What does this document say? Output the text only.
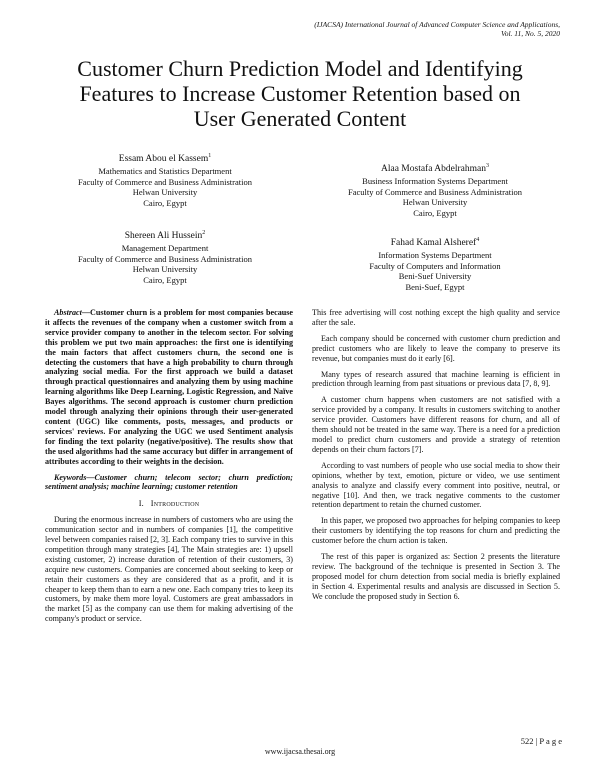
(IJACSA) International Journal of Advanced Computer Science and Applications,
Vol. 11, No. 5, 2020
Customer Churn Prediction Model and Identifying
Features to Increase Customer Retention based on
User Generated Content
Essam Abou el Kassem$^1$
Mathematics and Statistics Department
Faculty of Commerce and Business Administration
Helwan University
Cairo, Egypt
Shereen Ali Hussein$^2$
Management Department
Faculty of Commerce and Business Administration
Helwan University
Cairo, Egypt
Alaa Mostafa Abdelrahman$^3$
Business Information Systems Department
Faculty of Commerce and Business Administration
Helwan University
Cairo, Egypt
Fahad Kamal Alsheref$^4$
Information Systems Department
Faculty of Computers and Information
Beni-Suef University
Beni-Suef, Egypt

Abstract—Customer churn is a problem for most companies because it affects the revenues of the company when a customer switch from a service provider company to another in the telecom sector. For solving this problem we put two main approaches: the first one is identifying the main factors that affect customers churn, the second one is detecting the customers that have a high probability to churn through analyzing social media. For the first approach we build a dataset through practical questionnaires and analyzing them by using machine learning algorithms like Deep Learning, Logistic Regression, and Naïve Bayes algorithms. The second approach is customer churn prediction model through analyzing their opinions through their user-generated content (UGC) like comments, posts, messages, and products or services' reviews. For analyzing the UGC we used Sentiment analysis for finding the text polarity (negative/positive). The results show that the used algorithms had the same accuracy but differ in arrangement of attributes according to their weights in the decision.

Keywords—Customer churn; telecom sector; churn prediction; sentiment analysis; machine learning; customer retention

I. Introduction

During the enormous increase in numbers of customers who are using the communication sector and in numbers of companies [1], the competitive level between companies raised [2, 3]. Each company tries to survive in this competition through many strategies [4], The Main strategies are: 1) upsell existing customer, 2) increase duration of retention of their customers, 3) acquire new customers. Companies are concerned about seeking to keep or retain their customers as they are considered that as a profit, and it is cheaper to keep them than to earn a new one. Each company tries to keep its customers, by make them more loyal. Customers are great ambassadors in the market [5] as the company can use them for making advertising of the company's product or service.

This free advertising will cost nothing except the high quality and service after the sale.

Each company should be concerned with customer churn prediction and predict customers who are likely to leave the company to preserve its revenue, but companies must do it early [6].

Many types of research assured that machine learning is efficient in prediction through learning from past situations or previous data [7, 8, 9].

A customer churn happens when customers are not satisfied with a service provided by a company. It results in customers switching to another service provider. Customers have different reasons for churn, and all of them should not be treated in the same way. There is a need for a prediction model to predict churn customers and provide a strategy of retention depends on their churn factors [7].

According to vast numbers of people who use social media to show their opinions, whether by text, emotion, picture or video, we use sentiment analysis to analyze and classify every comment into positive, neutral, or negative [10]. And then, we track negative comments to the customer retention department to retain the churned customer.

In this paper, we proposed two approaches for helping companies to keep their customers by identifying the top reasons for churn and predicting the customer before the churn action is taken.

The rest of this paper is organized as: Section 2 presents the literature review. The background of the technique is presented in Section 3. The proposed model for churn detection from social media is briefly explained in Section 4. Experimental results and analysis are discussed in Section 5. We conclude the proposed study in Section 6.

522 | P a g e
www.ijacsa.thesai.org
